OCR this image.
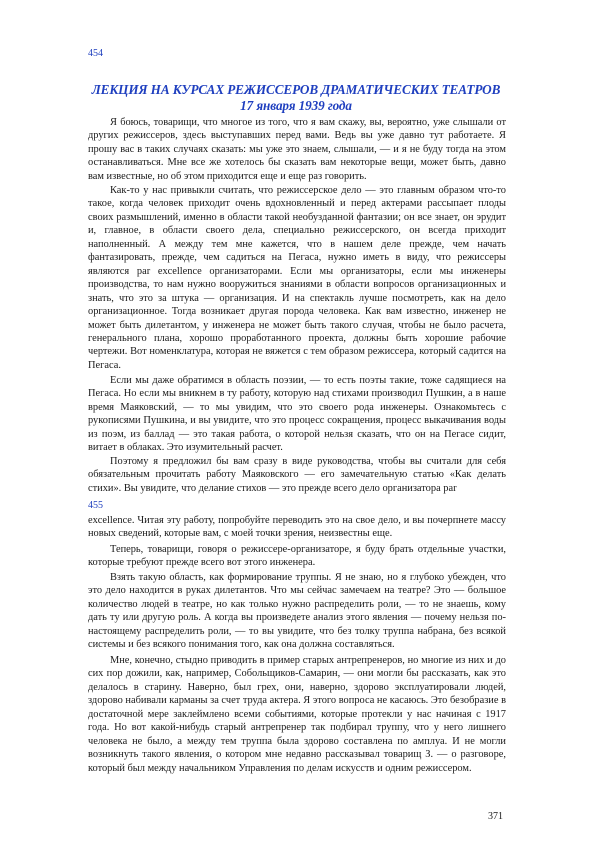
454
ЛЕКЦИЯ НА КУРСАХ РЕЖИССЕРОВ ДРАМАТИЧЕСКИХ ТЕАТРОВ
17 января 1939 года

Я боюсь, товарищи, что многое из того, что я вам скажу, вы, вероятно, уже слышали от других режиссеров, здесь выступавших перед вами. Ведь вы уже давно тут работаете. Я прошу вас в таких случаях сказать: мы уже это знаем, слышали, — и я не буду тогда на этом останавливаться. Мне все же хотелось бы сказать вам некоторые вещи, может быть, давно вам известные, но об этом приходится еще и еще раз говорить.

Как-то у нас привыкли считать, что режиссерское дело — это главным образом что-то такое, когда человек приходит очень вдохновленный и перед актерами рассыпает плоды своих размышлений, именно в области такой необузданной фантазии; он все знает, он эрудит и, главное, в области своего дела, специально режиссерского, он всегда приходит наполненный. А между тем мне кажется, что в нашем деле прежде, чем начать фантазировать, прежде, чем садиться на Пегаса, нужно иметь в виду, что режиссеры являются par excellence организаторами. Если мы организаторы, если мы инженеры производства, то нам нужно вооружиться знаниями в области вопросов организационных и знать, что это за штука — организация. И на спектакль лучше посмотреть, как на дело организационное. Тогда возникает другая порода человека. Как вам известно, инженер не может быть дилетантом, у инженера не может быть такого случая, чтобы не было расчета, генерального плана, хорошо проработанного проекта, должны быть хорошие рабочие чертежи. Вот номенклатура, которая не вяжется с тем образом режиссера, который садится на Пегаса.

Если мы даже обратимся в область поэзии, — то есть поэты такие, тоже садящиеся на Пегаса. Но если мы вникнем в ту работу, которую над стихами производил Пушкин, а в наше время Маяковский, — то мы увидим, что это своего рода инженеры. Ознакомьтесь с рукописями Пушкина, и вы увидите, что это процесс сокращения, процесс выкачивания воды из поэм, из баллад — это такая работа, о которой нельзя сказать, что он на Пегасе сидит, витает в облаках. Это изумительный расчет.

Поэтому я предложил бы вам сразу в виде руководства, чтобы вы считали для себя обязательным прочитать работу Маяковского — его замечательную статью «Как делать стихи». Вы увидите, что делание стихов — это прежде всего дело организатора par

455

excellence. Читая эту работу, попробуйте переводить это на свое дело, и вы почерпнете массу новых сведений, которые вам, с моей точки зрения, неизвестны еще.

Теперь, товарищи, говоря о режиссере-организаторе, я буду брать отдельные участки, которые требуют прежде всего вот этого инженера.

Взять такую область, как формирование труппы. Я не знаю, но я глубоко убежден, что это дело находится в руках дилетантов. Что мы сейчас замечаем на театре? Это — большое количество людей в театре, но как только нужно распределить роли, — то не знаешь, кому дать ту или другую роль. А когда вы произведете анализ этого явления — почему нельзя по-настоящему распределить роли, — то вы увидите, что без толку труппа набрана, без всякой системы и без всякого понимания того, как она должна составляться.

Мне, конечно, стыдно приводить в пример старых антрепренеров, но многие из них и до сих пор дожили, как, например, Собольщиков-Самарин, — они могли бы рассказать, как это делалось в старину. Наверно, был грех, они, наверно, здорово эксплуатировали людей, здорово набивали карманы за счет труда актера. Я этого вопроса не касаюсь. Это безобразие в достаточной мере заклеймлено всеми событиями, которые протекли у нас начиная с 1917 года. Но вот какой-нибудь старый антрепренер так подбирал труппу, что у него лишнего человека не было, а между тем труппа была здорово составлена по амплуа. И не могли возникнуть такого явления, о котором мне недавно рассказывал товарищ З. — о разговоре, который был между начальником Управления по делам искусств и одним режиссером.

371
